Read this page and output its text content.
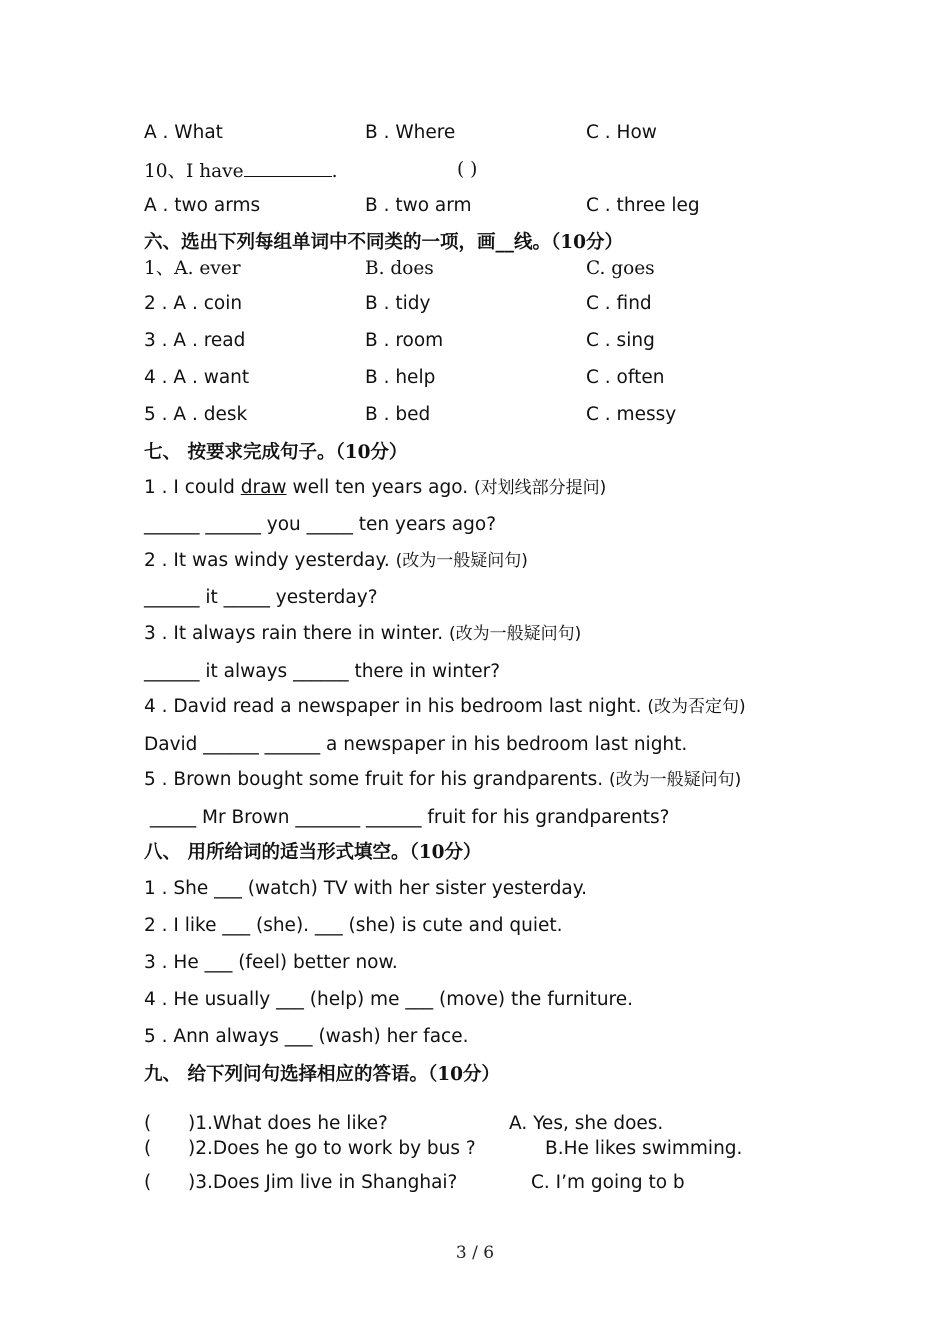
A . What	B . Where	C . How
10、I have	.	( )
A . two arms	B . two arm	C . three leg
六、选出下列每组单词中不同类的一项，画__线。（10分）
1、A. ever	B. does	C. goes
2 . A . coin	B . tidy	C . find
3 . A . read	B . room	C . sing
4 . A . want	B . help	C . often
5 . A . desk	B . bed	C . messy
七、 按要求完成句子。（10分）
1 . I could draw well ten years ago. (对划线部分提问)
______ ______ you _____ ten years ago?
2 . It was windy yesterday. (改为一般疑问句)
______ it _____ yesterday?
3 . It always rain there in winter. (改为一般疑问句)
______ it always ______ there in winter?
4 . David read a newspaper in his bedroom last night. (改为否定句)
David ______ ______ a newspaper in his bedroom last night.
5 . Brown bought some fruit for his grandparents. (改为一般疑问句)
_____ Mr Brown _______ ______ fruit for his grandparents?
八、 用所给词的适当形式填空。（10分）
1 . She ___ (watch) TV with her sister yesterday.
2 . I like ___ (she). ___ (she) is cute and quiet.
3 . He ___ (feel) better now.
4 . He usually ___ (help) me ___ (move) the furniture.
5 . Ann always ___ (wash) her face.
九、 给下列问句选择相应的答语。（10分）
( )1.What does he like?	A. Yes, she does.
( )2.Does he go to work by bus ?	B.He likes swimming.
( )3.Does Jim live in Shanghai?	C. I’m going to b
3 / 6
